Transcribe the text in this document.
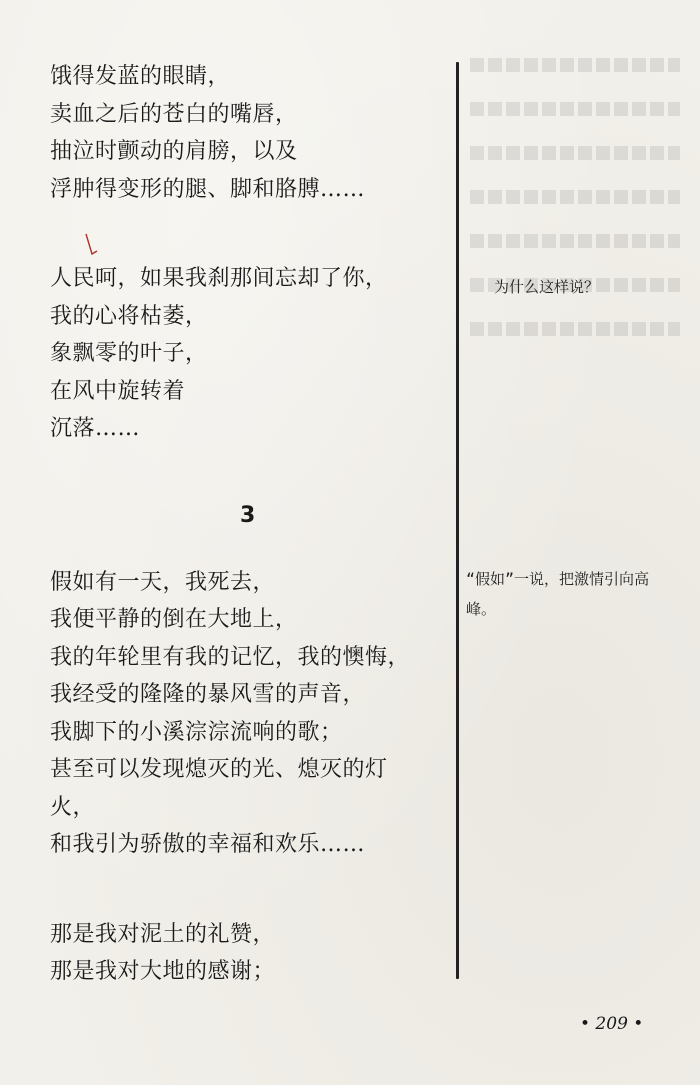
饿得发蓝的眼睛，
卖血之后的苍白的嘴唇，
抽泣时颤动的肩膀，以及
浮肿得变形的腿、脚和胳膊……
人民呵，如果我刹那间忘却了你，
我的心将枯萎，
象飘零的叶子，
在风中旋转着
沉落……
假如有一天，我死去，
我便平静的倒在大地上，
我的年轮里有我的记忆，我的懊悔，
我经受的隆隆的暴风雪的声音，
我脚下的小溪淙淙流响的歌；
甚至可以发现熄灭的光、熄灭的灯
火，
和我引为骄傲的幸福和欢乐……
那是我对泥土的礼赞，
那是我对大地的感谢；
3
为什么这样说？
“假如”一说，把激情引向高峰。
• 209 •
